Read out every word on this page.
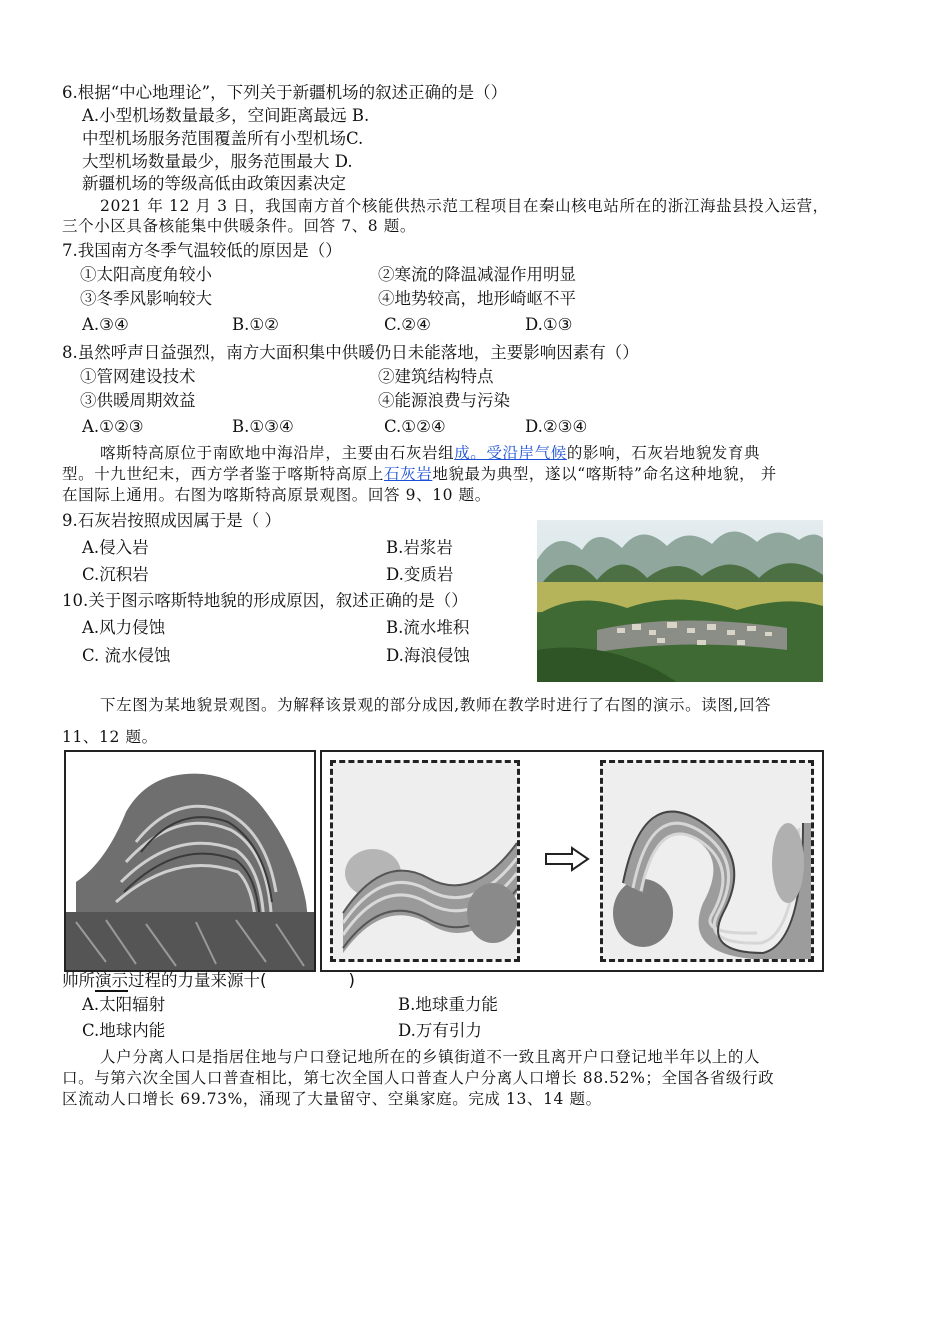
6.根据“中心地理论”，下列关于新疆机场的叙述正确的是（）
A.小型机场数量最多，空间距离最远 B.
中型机场服务范围覆盖所有小型机场C.
大型机场数量最少，服务范围最大 D.
新疆机场的等级高低由政策因素决定
2021 年 12 月 3 日，我国南方首个核能供热示范工程项目在秦山核电站所在的浙江海盐县投入运营，
三个小区具备核能集中供暖条件。回答 7、8 题。
7.我国南方冬季气温较低的原因是（）
①太阳高度角较小	②寒流的降温减湿作用明显
③冬季风影响较大	④地势较高，地形崎岖不平
A.③④	B.①②	C.②④	D.①③
8.虽然呼声日益强烈，南方大面积集中供暖仍日未能落地，主要影响因素有（）
①管网建设技术	②建筑结构特点
③供暖周期效益	④能源浪费与污染
A.①②③	B.①③④	C.①②④	D.②③④
喀斯特高原位于南欧地中海沿岸，主要由石灰岩组成。受沿岸气候的影响，石灰岩地貌发育典
型。十九世纪末，西方学者鉴于喀斯特高原上石灰岩地貌最为典型，遂以“喀斯特”命名这种地貌， 并
在国际上通用。右图为喀斯特高原景观图。回答 9、10 题。
9.石灰岩按照成因属于是（ ）
A.侵入岩	B.岩浆岩
C.沉积岩	D.变质岩
10.关于图示喀斯特地貌的形成原因，叙述正确的是（）
A.风力侵蚀	B.流水堆积
C. 流水侵蚀	D.海浪侵蚀
下左图为某地貌景观图。为解释该景观的部分成因,教师在教学时进行了右图的演示。读图,回答
11、12 题。
帅所演示过程的力量来源十(	)
A.太阳辐射	B.地球重力能
C.地球内能	D.万有引力
人户分离人口是指居住地与户口登记地所在的乡镇街道不一致且离开户口登记地半年以上的人
口。与第六次全国人口普查相比，第七次全国人口普查人户分离人口增长 88.52%；全国各省级行政
区流动人口增长 69.73%，涌现了大量留守、空巢家庭。完成 13、14 题。
